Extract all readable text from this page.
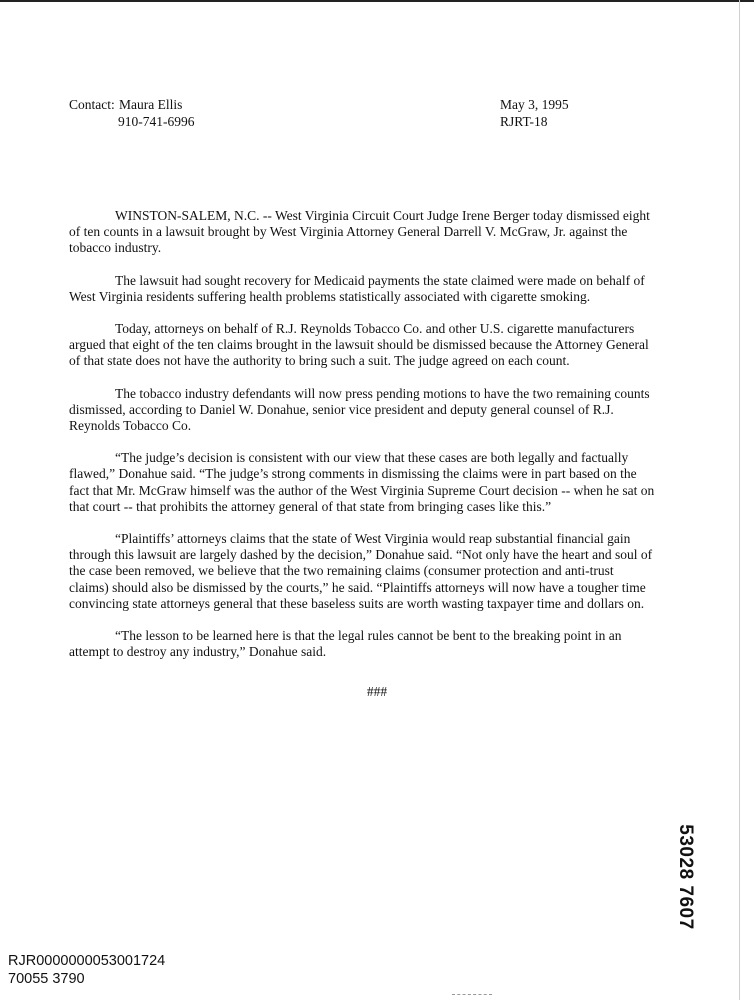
Contact: Maura Ellis
910-741-6996
May 3, 1995
RJRT-18

WINSTON-SALEM, N.C. -- West Virginia Circuit Court Judge Irene Berger today dismissed eight of ten counts in a lawsuit brought by West Virginia Attorney General Darrell V. McGraw, Jr. against the tobacco industry.

The lawsuit had sought recovery for Medicaid payments the state claimed were made on behalf of West Virginia residents suffering health problems statistically associated with cigarette smoking.

Today, attorneys on behalf of R.J. Reynolds Tobacco Co. and other U.S. cigarette manufacturers argued that eight of the ten claims brought in the lawsuit should be dismissed because the Attorney General of that state does not have the authority to bring such a suit. The judge agreed on each count.

The tobacco industry defendants will now press pending motions to have the two remaining counts dismissed, according to Daniel W. Donahue, senior vice president and deputy general counsel of R.J. Reynolds Tobacco Co.

“The judge’s decision is consistent with our view that these cases are both legally and factually flawed,” Donahue said. “The judge’s strong comments in dismissing the claims were in part based on the fact that Mr. McGraw himself was the author of the West Virginia Supreme Court decision -- when he sat on that court -- that prohibits the attorney general of that state from bringing cases like this.”

“Plaintiffs’ attorneys claims that the state of West Virginia would reap substantial financial gain through this lawsuit are largely dashed by the decision,” Donahue said. “Not only have the heart and soul of the case been removed, we believe that the two remaining claims (consumer protection and anti-trust claims) should also be dismissed by the courts,” he said. “Plaintiffs attorneys will now have a tougher time convincing state attorneys general that these baseless suits are worth wasting taxpayer time and dollars on.

“The lesson to be learned here is that the legal rules cannot be bent to the breaking point in an attempt to destroy any industry,” Donahue said.

###
53028 7607
RJR0000000053001724
70055 3790
